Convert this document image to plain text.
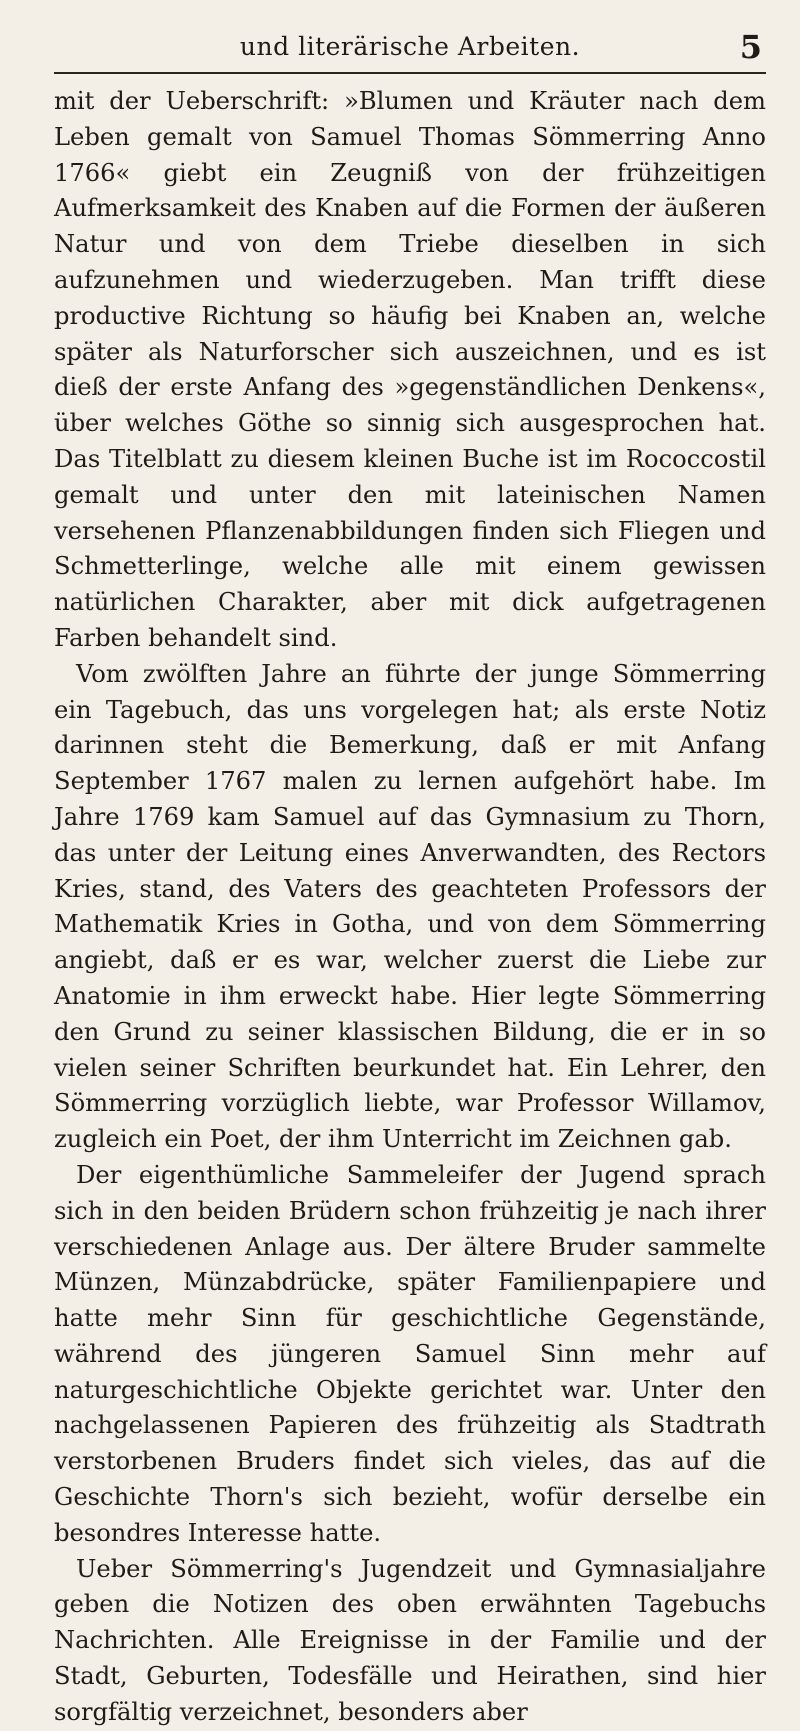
und literärische Arbeiten.	5

mit der Ueberschrift: »Blumen und Kräuter nach dem Leben gemalt von Samuel Thomas Sömmerring Anno 1766« giebt ein Zeugniß von der frühzeitigen Aufmerksamkeit des Knaben auf die Formen der äußeren Natur und von dem Triebe dieselben in sich aufzunehmen und wiederzugeben. Man trifft diese productive Richtung so häufig bei Knaben an, welche später als Naturforscher sich auszeichnen, und es ist dieß der erste Anfang des »gegenständlichen Denkens«, über welches Göthe so sinnig sich ausgesprochen hat. Das Titelblatt zu diesem kleinen Buche ist im Rococcostil gemalt und unter den mit lateinischen Namen versehenen Pflanzenabbildungen finden sich Fliegen und Schmetterlinge, welche alle mit einem gewissen natürlichen Charakter, aber mit dick aufgetragenen Farben behandelt sind.

Vom zwölften Jahre an führte der junge Sömmerring ein Tagebuch, das uns vorgelegen hat; als erste Notiz darinnen steht die Bemerkung, daß er mit Anfang September 1767 malen zu lernen aufgehört habe. Im Jahre 1769 kam Samuel auf das Gymnasium zu Thorn, das unter der Leitung eines Anverwandten, des Rectors Kries, stand, des Vaters des geachteten Professors der Mathematik Kries in Gotha, und von dem Sömmerring angiebt, daß er es war, welcher zuerst die Liebe zur Anatomie in ihm erweckt habe. Hier legte Sömmerring den Grund zu seiner klassischen Bildung, die er in so vielen seiner Schriften beurkundet hat. Ein Lehrer, den Sömmerring vorzüglich liebte, war Professor Willamov, zugleich ein Poet, der ihm Unterricht im Zeichnen gab.

Der eigenthümliche Sammeleifer der Jugend sprach sich in den beiden Brüdern schon frühzeitig je nach ihrer verschiedenen Anlage aus. Der ältere Bruder sammelte Münzen, Münzabdrücke, später Familienpapiere und hatte mehr Sinn für geschichtliche Gegenstände, während des jüngeren Samuel Sinn mehr auf naturgeschichtliche Objekte gerichtet war. Unter den nachgelassenen Papieren des frühzeitig als Stadtrath verstorbenen Bruders findet sich vieles, das auf die Geschichte Thorn's sich bezieht, wofür derselbe ein besondres Interesse hatte.

Ueber Sömmerring's Jugendzeit und Gymnasialjahre geben die Notizen des oben erwähnten Tagebuchs Nachrichten. Alle Ereignisse in der Familie und der Stadt, Geburten, Todesfälle und Heirathen, sind hier sorgfältig verzeichnet, besonders aber
